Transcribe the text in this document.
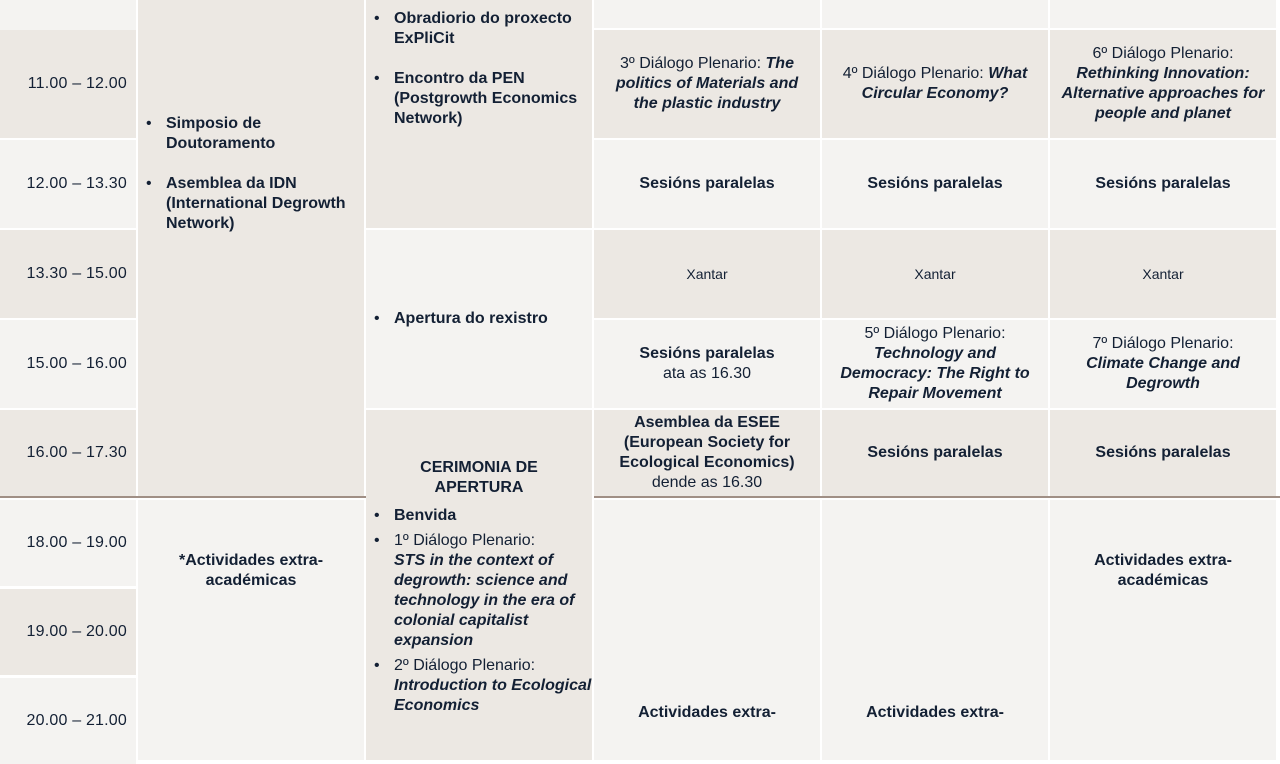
11.00 – 12.00
12.00 – 13.30
13.30 – 15.00
15.00 – 16.00
16.00 – 17.30
18.00 – 19.00
19.00 – 20.00
20.00 – 21.00
• Simposio de Doutoramento
• Asemblea da IDN (International Degrowth Network)
*Actividades extra-académicas
• Obradiorio do proxecto ExPliCit
• Encontro da PEN (Postgrowth Economics Network)
• Apertura do rexistro
CERIMONIA DE APERTURA
• Benvida
• 1º Diálogo Plenario:
STS in the context of degrowth: science and technology in the era of colonial capitalist expansion
• 2º Diálogo Plenario:
Introduction to Ecological Economics
3º Diálogo Plenario: The politics of Materials and the plastic industry
Sesións paralelas
Xantar
Sesións paralelas
ata as 16.30
Asemblea da ESEE (European Society for Ecological Economics)
dende as 16.30
Actividades extra-
4º Diálogo Plenario: What Circular Economy?
Sesións paralelas
Xantar
5º Diálogo Plenario:
Technology and Democracy: The Right to Repair Movement
Sesións paralelas
Actividades extra-
6º Diálogo Plenario:
Rethinking Innovation: Alternative approaches for people and planet
Sesións paralelas
Xantar
7º Diálogo Plenario:
Climate Change and Degrowth
Sesións paralelas
Actividades extra-académicas
